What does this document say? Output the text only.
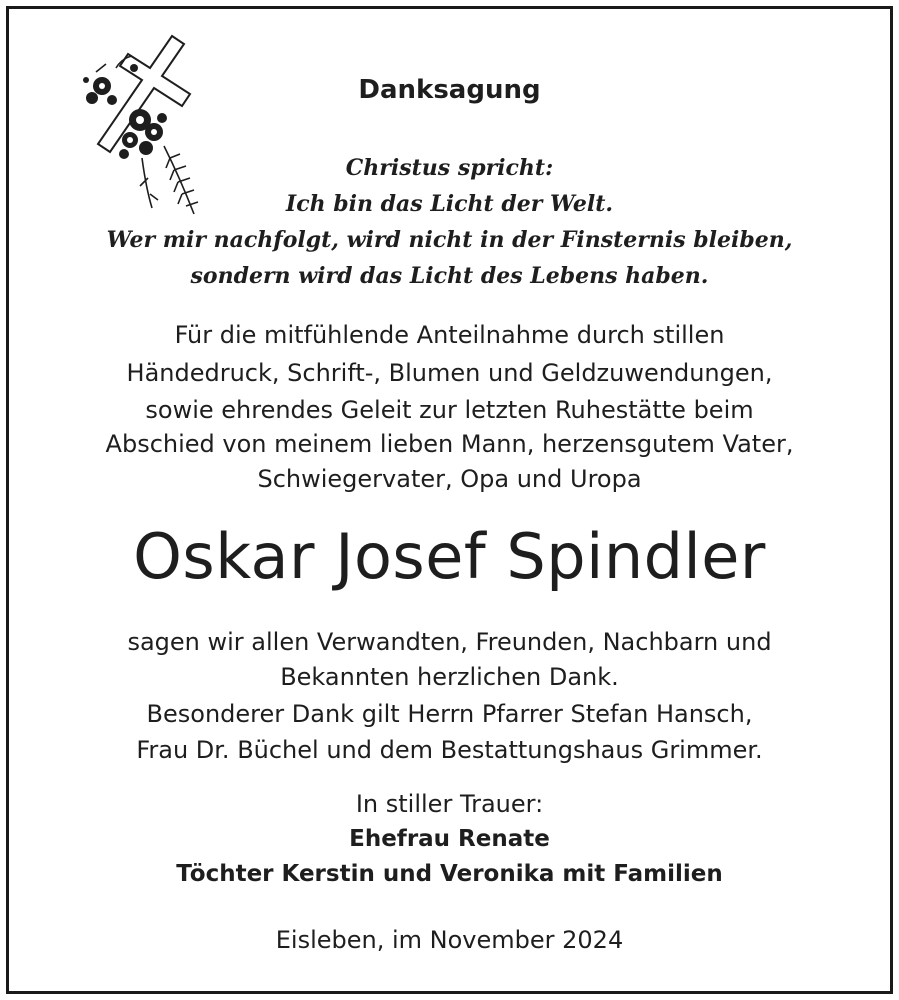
Danksagung
Christus spricht:
Ich bin das Licht der Welt.
Wer mir nachfolgt, wird nicht in der Finsternis bleiben,
sondern wird das Licht des Lebens haben.
Für die mitfühlende Anteilnahme durch stillen
Händedruck, Schrift-, Blumen und Geldzuwendungen,
sowie ehrendes Geleit zur letzten Ruhestätte beim
Abschied von meinem lieben Mann, herzensgutem Vater,
Schwiegervater, Opa und Uropa
Oskar Josef Spindler
sagen wir allen Verwandten, Freunden, Nachbarn und
Bekannten herzlichen Dank.
Besonderer Dank gilt Herrn Pfarrer Stefan Hansch,
Frau Dr. Büchel und dem Bestattungshaus Grimmer.
In stiller Trauer:
Ehefrau Renate
Töchter Kerstin und Veronika mit Familien
Eisleben, im November 2024
